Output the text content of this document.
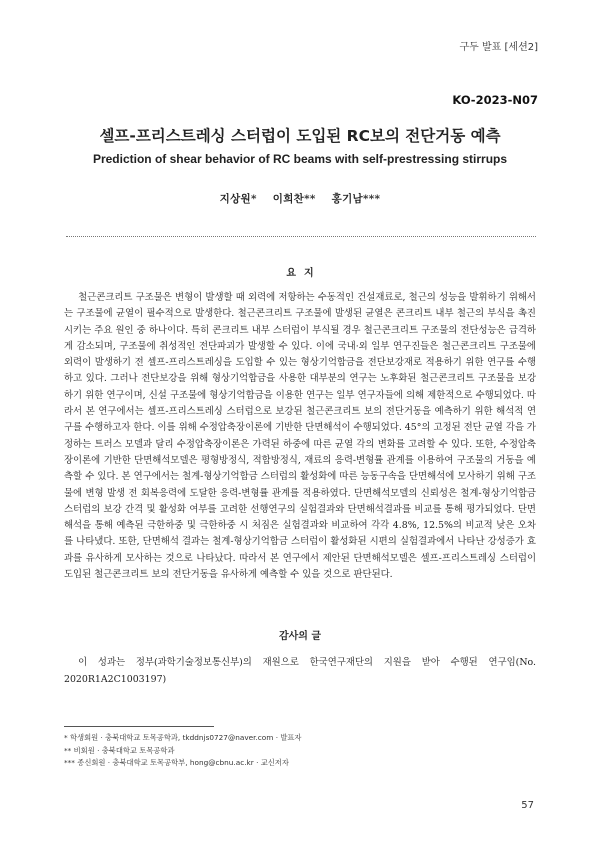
구두 발표 [세션2]
KO-2023-N07
셀프-프리스트레싱 스터럽이 도입된 RC보의 전단거동 예측
Prediction of shear behavior of RC beams with self-prestressing stirrups
지상원* 이희찬** 홍기남***
요지
철근콘크리트 구조물은 변형이 발생할 때 외력에 저항하는 수동적인 건설재료로, 철근의 성능을 발휘하기 위해서는 구조물에 균열이 필수적으로 발생한다. 철근콘크리트 구조물에 발생된 균열은 콘크리트 내부 철근의 부식을 촉진 시키는 주요 원인 중 하나이다. 특히 콘크리트 내부 스터럽이 부식될 경우 철근콘크리트 구조물의 전단성능은 급격하게 감소되며, 구조물에 취성적인 전단파괴가 발생할 수 있다. 이에 국내·외 일부 연구진들은 철근콘크리트 구조물에 외력이 발생하기 전 셀프-프리스트레싱을 도입할 수 있는 형상기억합금을 전단보강재로 적용하기 위한 연구를 수행하고 있다. 그러나 전단보강을 위해 형상기억합금을 사용한 대부분의 연구는 노후화된 철근콘크리트 구조물을 보강하기 위한 연구이며, 신설 구조물에 형상기억합금을 이용한 연구는 일부 연구자들에 의해 제한적으로 수행되었다. 따라서 본 연구에서는 셀프-프리스트레싱 스터럽으로 보강된 철근콘크리트 보의 전단거동을 예측하기 위한 해석적 연구를 수행하고자 한다. 이를 위해 수정압축장이론에 기반한 단면해석이 수행되었다. 45°의 고정된 전단 균열 각을 가정하는 트러스 모델과 달리 수정압축장이론은 가력된 하중에 따른 균열 각의 변화를 고려할 수 있다. 또한, 수정압축장이론에 기반한 단면해석모델은 평형방정식, 적합방정식, 재료의 응력-변형률 관계를 이용하여 구조물의 거동을 예측할 수 있다. 본 연구에서는 철계-형상기억합금 스터럽의 활성화에 따른 능동구속을 단면해석에 모사하기 위해 구조물에 변형 발생 전 회복응력에 도달한 응력-변형률 관계를 적용하였다. 단면해석모델의 신뢰성은 철계-형상기억합금 스터럽의 보강 간격 및 활성화 여부를 고려한 선행연구의 실험결과와 단면해석결과를 비교를 통해 평가되었다. 단면해석을 통해 예측된 극한하중 및 극한하중 시 처짐은 실험결과와 비교하여 각각 4.8%, 12.5%의 비교적 낮은 오차를 나타냈다. 또한, 단면해석 결과는 철계-형상기억합금 스터럽이 활성화된 시편의 실험결과에서 나타난 강성증가 효과를 유사하게 모사하는 것으로 나타났다. 따라서 본 연구에서 제안된 단면해석모델은 셀프-프리스트레싱 스터럽이 도입된 철근콘크리트 보의 전단거동을 유사하게 예측할 수 있을 것으로 판단된다.
감사의 글
이 성과는 정부(과학기술정보통신부)의 재원으로 한국연구재단의 지원을 받아 수행된 연구임(No. 2020R1A2C1003197)
* 학생회원 · 충북대학교 토목공학과, tkddnjs0727@naver.com · 발표자
** 비회원 · 충북대학교 토목공학과
*** 종신회원 · 충북대학교 토목공학부, hong@cbnu.ac.kr · 교신저자
57
